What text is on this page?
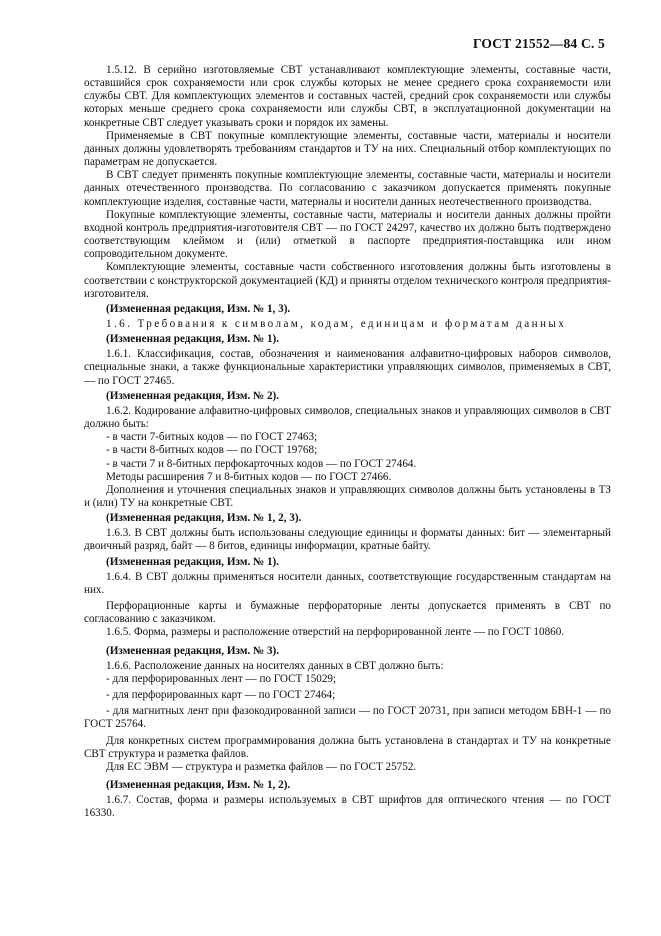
ГОСТ 21552—84 С. 5

1.5.12. В серийно изготовляемые СВТ устанавливают комплектующие элементы, составные части, оставшийся срок сохраняемости или срок службы которых не менее среднего срока сохраняемости или службы СВТ. Для комплектующих элементов и составных частей, средний срок сохраняемости или службы которых меньше среднего срока сохраняемости или службы СВТ, в эксплуатационной документации на конкретные СВТ следует указывать сроки и порядок их замены.

Применяемые в СВТ покупные комплектующие элементы, составные части, материалы и носители данных должны удовлетворять требованиям стандартов и ТУ на них. Специальный отбор комплектующих по параметрам не допускается.

В СВТ следует применять покупные комплектующие элементы, составные части, материалы и носители данных отечественного производства. По согласованию с заказчиком допускается применять покупные комплектующие изделия, составные части, материалы и носители данных неотечественного производства.

Покупные комплектующие элементы, составные части, материалы и носители данных должны пройти входной контроль предприятия-изготовителя СВТ — по ГОСТ 24297, качество их должно быть подтверждено соответствующим клеймом и (или) отметкой в паспорте предприятия-поставщика или ином сопроводительном документе.

Комплектующие элементы, составные части собственного изготовления должны быть изготовлены в соответствии с конструкторской документацией (КД) и приняты отделом технического контроля предприятия-изготовителя.

(Измененная редакция, Изм. № 1, 3).

1.6. Требования к символам, кодам, единицам и форматам данных

(Измененная редакция, Изм. № 1).

1.6.1. Классификация, состав, обозначения и наименования алфавитно-цифровых наборов символов, специальные знаки, а также функциональные характеристики управляющих символов, применяемых в СВТ, — по ГОСТ 27465.

(Измененная редакция, Изм. № 2).

1.6.2. Кодирование алфавитно-цифровых символов, специальных знаков и управляющих символов в СВТ должно быть:

- в части 7-битных кодов — по ГОСТ 27463;

- в части 8-битных кодов — по ГОСТ 19768;

- в части 7 и 8-битных перфокарточных кодов — по ГОСТ 27464.

Методы расширения 7 и 8-битных кодов — по ГОСТ 27466.

Дополнения и уточнения специальных знаков и управляющих символов должны быть установлены в ТЗ и (или) ТУ на конкретные СВТ.

(Измененная редакция, Изм. № 1, 2, 3).

1.6.3. В СВТ должны быть использованы следующие единицы и форматы данных: бит — элементарный двоичный разряд, байт — 8 битов, единицы информации, кратные байту.

(Измененная редакция, Изм. № 1).

1.6.4. В СВТ должны применяться носители данных, соответствующие государственным стандартам на них.

Перфорационные карты и бумажные перфораторные ленты допускается применять в СВТ по согласованию с заказчиком.

1.6.5. Форма, размеры и расположение отверстий на перфорированной ленте — по ГОСТ 10860.

(Измененная редакция, Изм. № 3).

1.6.6. Расположение данных на носителях данных в СВТ должно быть:

- для перфорированных лент — по ГОСТ 15029;

- для перфорированных карт — по ГОСТ 27464;

- для магнитных лент при фазокодированной записи — по ГОСТ 20731, при записи методом БВН-1 — по ГОСТ 25764.

Для конкретных систем программирования должна быть установлена в стандартах и ТУ на конкретные СВТ структура и разметка файлов.

Для ЕС ЭВМ — структура и разметка файлов — по ГОСТ 25752.

(Измененная редакция, Изм. № 1, 2).

1.6.7. Состав, форма и размеры используемых в СВТ шрифтов для оптического чтения — по ГОСТ 16330.
